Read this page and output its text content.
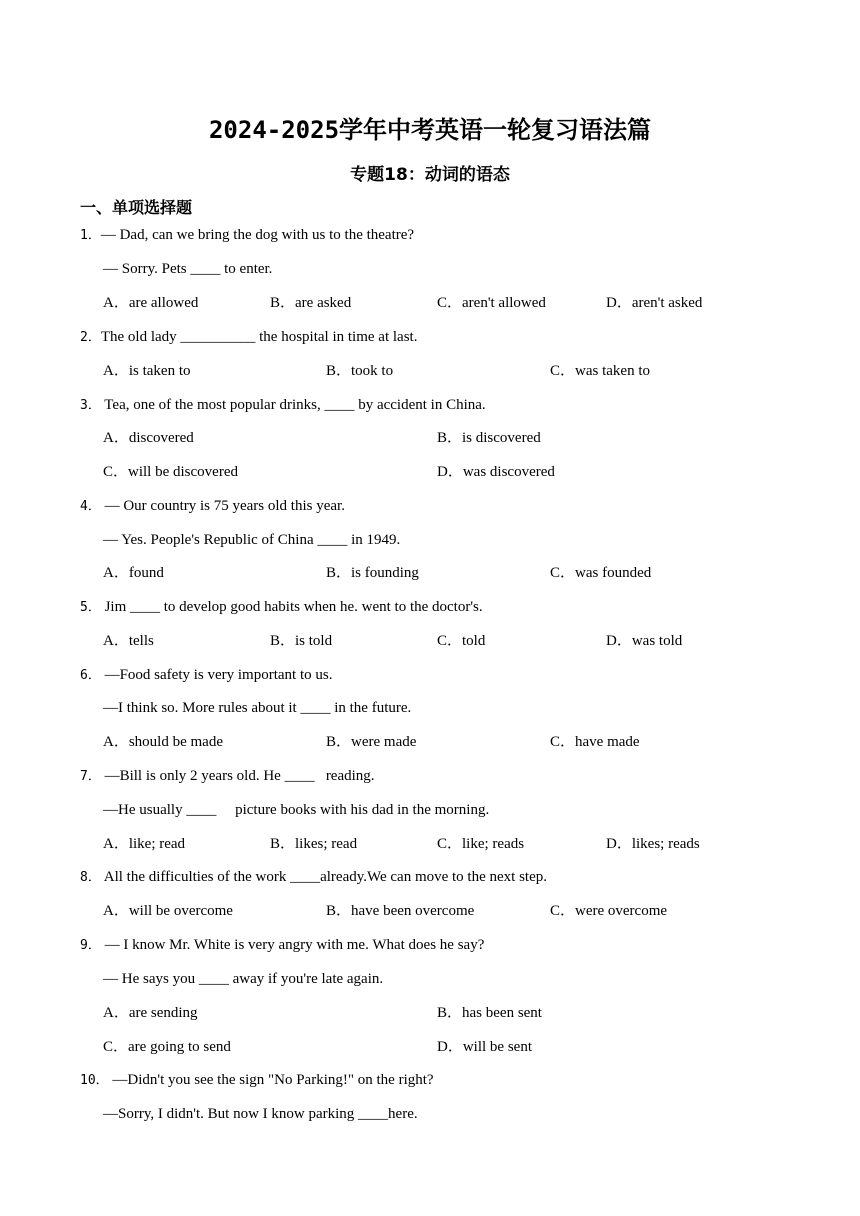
2024-2025学年中考英语一轮复习语法篇
专题18：动词的语态
一、单项选择题
1．— Dad, can we bring the dog with us to the theatre?
— Sorry. Pets ____ to enter.
A．are allowed	B．are asked	C．aren't allowed	D．aren't asked
2．The old lady __________ the hospital in time at last.
A．is taken to	B．took to	C．was taken to
3． Tea, one of the most popular drinks, ____ by accident in China.
A．discovered	B．is discovered
C．will be discovered	D．was discovered
4． — Our country is 75 years old this year.
— Yes. People's Republic of China ____ in 1949.
A．found	B．is founding	C．was founded
5． Jim ____ to develop good habits when he. went to the doctor's.
A．tells	B．is told	C．told	D．was told
6． —Food safety is very important to us.
—I think so. More rules about it ____ in the future.
A．should be made	B．were made	C．have made
7． —Bill is only 2 years old. He ____   reading.
—He usually ____     picture books with his dad in the morning.
A．like; read	B．likes; read	C．like; reads	D．likes; reads
8． All the difficulties of the work ____already.We can move to the next step.
A．will be overcome	B．have been overcome	C．were overcome
9． — I know Mr. White is very angry with me. What does he say?
— He says you ____ away if you're late again.
A．are sending	B．has been sent
C．are going to send	D．will be sent
10． —Didn't you see the sign "No Parking!" on the right?
—Sorry, I didn't. But now I know parking ____here.
